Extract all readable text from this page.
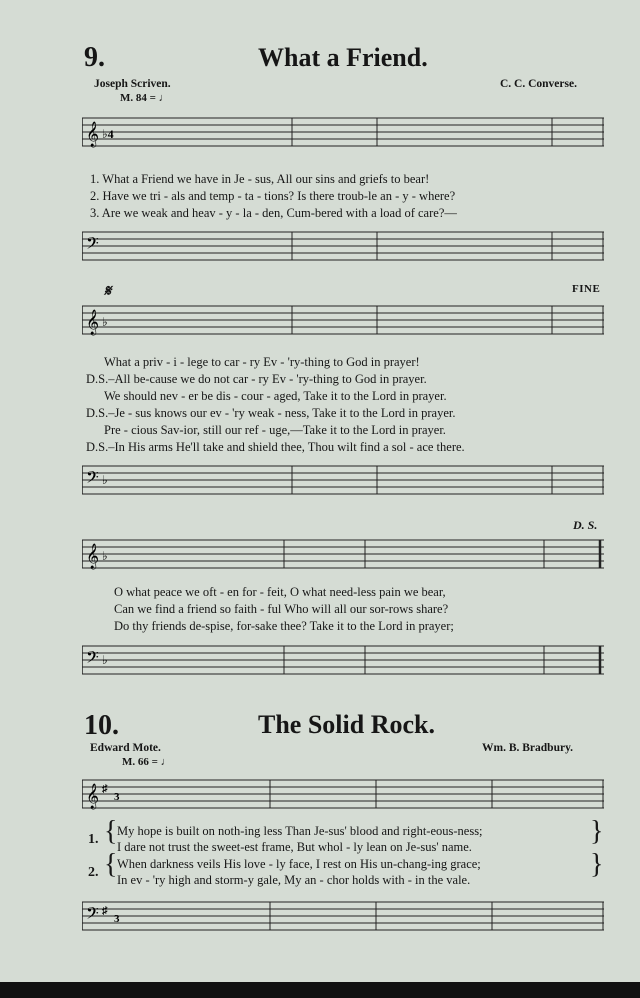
9.	What a Friend.
Joseph Scriven.	C. C. Converse.
M. 84 = ♩
𝄞 ♭4
1. What a Friend we have in Je - sus, All our sins and griefs to bear!
2. Have we tri - als and temp - ta - tions? Is there troub-le an - y - where?
3. Are we weak and heav - y - la - den, Cum-bered with a load of care?—
𝄢
𝄋	FINE
𝄞 ♭
What a priv - i - lege to car - ry Ev - 'ry-thing to God in prayer!
D.S.–All be-cause we do not car - ry Ev - 'ry-thing to God in prayer.
We should nev - er be dis - cour - aged, Take it to the Lord in prayer.
D.S.–Je - sus knows our ev - 'ry weak - ness, Take it to the Lord in prayer.
Pre - cious Sav-ior, still our ref - uge,—Take it to the Lord in prayer.
D.S.–In His arms He'll take and shield thee, Thou wilt find a sol - ace there.
𝄢 ♭
D. S.
𝄞 ♭
O what peace we oft - en for - feit, O what need-less pain we bear,
Can we find a friend so faith - ful Who will all our sor-rows share?
Do thy friends de-spise, for-sake thee? Take it to the Lord in prayer;
𝄢 ♭
10.	The Solid Rock.
Edward Mote.	Wm. B. Bradbury.
M. 66 = ♩
𝄞 ♯
3
1. { My hope is built on noth-ing less Than Je-sus' blood and right-eous-ness;
I dare not trust the sweet-est frame, But whol - ly lean on Je-sus' name.	}
2. { When darkness veils His love - ly face, I rest on His un-chang-ing grace;
In ev - 'ry high and storm-y gale, My an - chor holds with - in the vale.	}
𝄢 ♯
3
